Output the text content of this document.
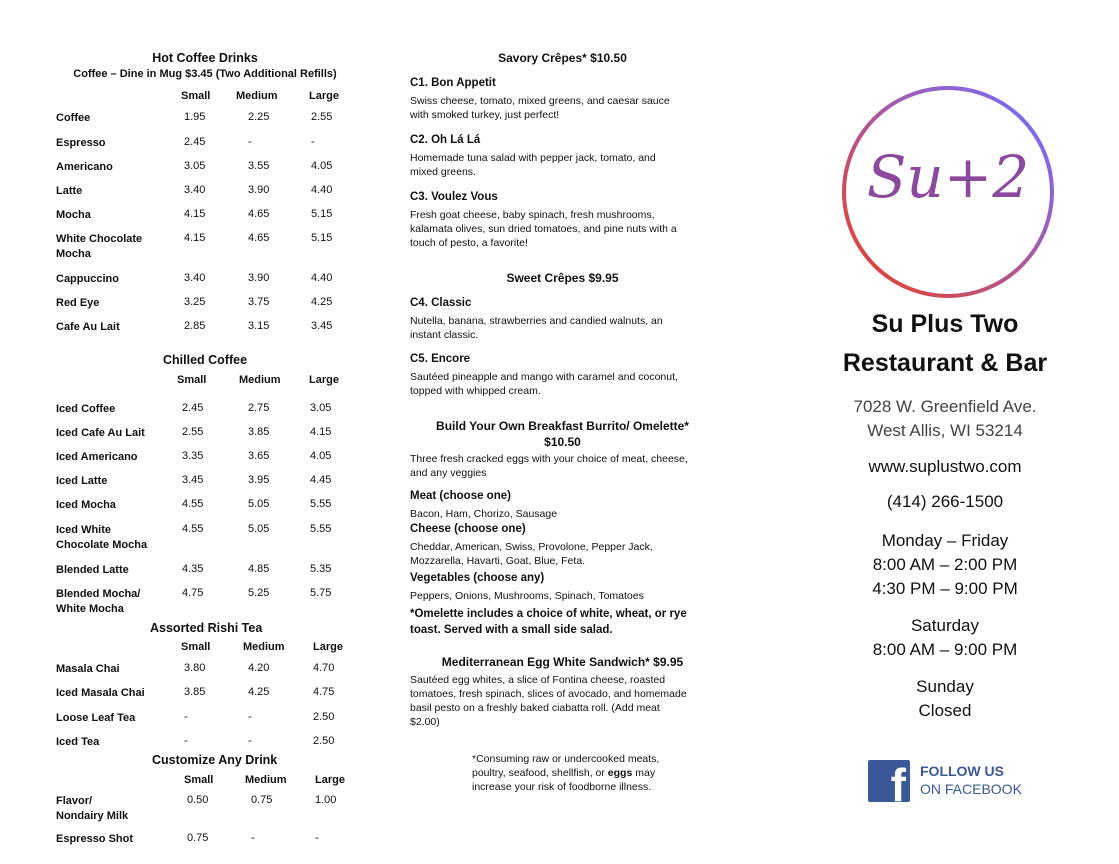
Hot Coffee Drinks
Coffee – Dine in Mug $3.45 (Two Additional Refills)
Small Medium	Large
Coffee	1.95	2.25	2.55
Espresso	2.45	-	-
Americano	3.05	3.55	4.05
Latte	3.40	3.90	4.40
Mocha	4.15	4.65	5.15
White Chocolate
Mocha
4.15	4.65	5.15
Cappuccino	3.40	3.90	4.40
Red Eye	3.25	3.75	4.25
Cafe Au Lait	2.85	3.15	3.45
Chilled Coffee
Small	Medium	Large
Iced Coffee	2.45	2.75	3.05
Iced Cafe Au Lait	2.55	3.85	4.15
Iced Americano	3.35	3.65	4.05
Iced Latte	3.45	3.95	4.45
Iced Mocha	4.55	5.05	5.55
Iced White
Chocolate Mocha
4.55	5.05	5.55
Blended Latte	4.35	4.85	5.35
Blended Mocha/
White Mocha
4.75	5.25	5.75
Assorted Rishi Tea
Small	Medium	Large
Masala Chai	3.80	4.20	4.70
Iced Masala Chai	3.85	4.25	4.75
Loose Leaf Tea	-	-	2.50
Iced Tea	-	-	2.50
Customize Any Drink
Small	Medium	Large
Flavor/
Nondairy Milk
0.50	0.75	1.00
Espresso Shot	0.75	-	-
Savory Crêpes* $10.50
C1. Bon Appetit
Swiss cheese, tomato, mixed greens, and caesar sauce
with smoked turkey, just perfect!
C2. Oh Lá Lá
Homemade tuna salad with pepper jack, tomato, and
mixed greens.
C3. Voulez Vous
Fresh goat cheese, baby spinach, fresh mushrooms,
kalamata olives, sun dried tomatoes, and pine nuts with a
touch of pesto, a favorite!
Sweet Crêpes $9.95
C4. Classic
Nutella, banana, strawberries and candied walnuts, an
instant classic.
C5. Encore
Sautéed pineapple and mango with caramel and coconut,
topped with whipped cream.
Build Your Own Breakfast Burrito/ Omelette*
$10.50
Three fresh cracked eggs with your choice of meat, cheese,
and any veggies
Meat (choose one)
Bacon, Ham, Chorizo, Sausage
Cheese (choose one)
Cheddar, American, Swiss, Provolone, Pepper Jack,
Mozzarella, Havarti, Goat, Blue, Feta.
Vegetables (choose any)
Peppers, Onions, Mushrooms, Spinach, Tomatoes
*Omelette includes a choice of white, wheat, or rye
toast. Served with a small side salad.
Mediterranean Egg White Sandwich* $9.95
Sautéed egg whites, a slice of Fontina cheese, roasted
tomatoes, fresh spinach, slices of avocado, and homemade
basil pesto on a freshly baked ciabatta roll. (Add meat
$2.00)
*Consuming raw or undercooked meats,
poultry, seafood, shellfish, or eggs may
increase your risk of foodborne illness.
Su+2
Su Plus Two
Restaurant & Bar
7028 W. Greenfield Ave.
West Allis, WI 53214
www.suplustwo.com
(414) 266-1500
Monday – Friday
8:00 AM – 2:00 PM
4:30 PM – 9:00 PM
Saturday
8:00 AM – 9:00 PM
Sunday
Closed
f FOLLOW US
ON FACEBOOK
